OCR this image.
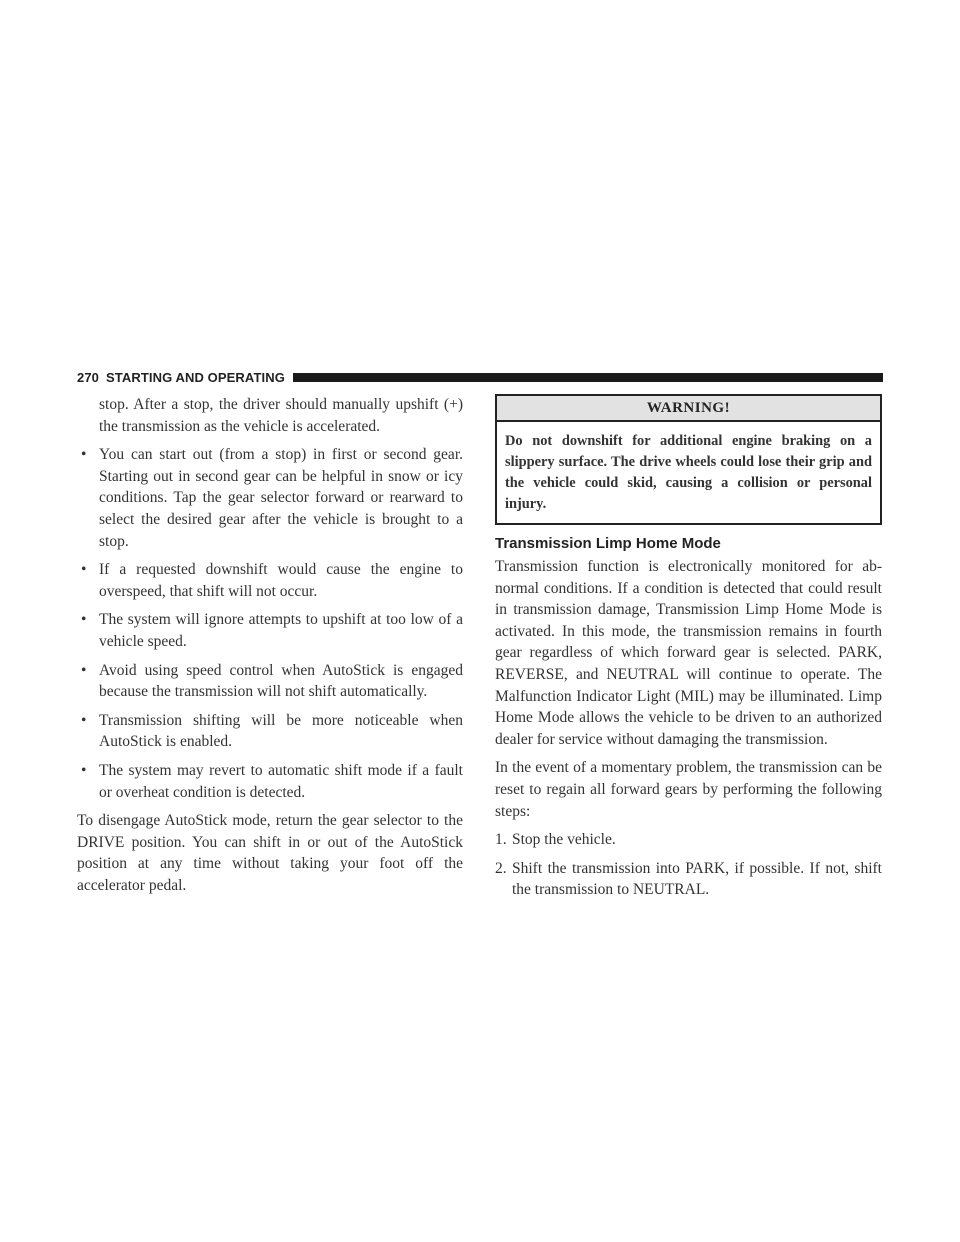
270 STARTING AND OPERATING

stop. After a stop, the driver should manually upshift (+) the transmission as the vehicle is accelerated.

• You can start out (from a stop) in first or second gear. Starting out in second gear can be helpful in snow or icy conditions. Tap the gear selector forward or rearward to select the desired gear after the vehicle is brought to a stop.
• If a requested downshift would cause the engine to overspeed, that shift will not occur.
• The system will ignore attempts to upshift at too low of a vehicle speed.
• Avoid using speed control when AutoStick is engaged because the transmission will not shift automatically.
• Transmission shifting will be more noticeable when AutoStick is enabled.
• The system may revert to automatic shift mode if a fault or overheat condition is detected.

To disengage AutoStick mode, return the gear selector to the DRIVE position. You can shift in or out of the AutoStick position at any time without taking your foot off the accelerator pedal.

WARNING!
Do not downshift for additional engine braking on a slippery surface. The drive wheels could lose their grip and the vehicle could skid, causing a collision or personal injury.
Transmission Limp Home Mode

Transmission function is electronically monitored for abnormal conditions. If a condition is detected that could result in transmission damage, Transmission Limp Home Mode is activated. In this mode, the transmission remains in fourth gear regardless of which forward gear is selected. PARK, REVERSE, and NEUTRAL will continue to operate. The Malfunction Indicator Light (MIL) may be illuminated. Limp Home Mode allows the vehicle to be driven to an authorized dealer for service without damaging the transmission.

In the event of a momentary problem, the transmission can be reset to regain all forward gears by performing the following steps:

1. Stop the vehicle.
2. Shift the transmission into PARK, if possible. If not, shift the transmission to NEUTRAL.
